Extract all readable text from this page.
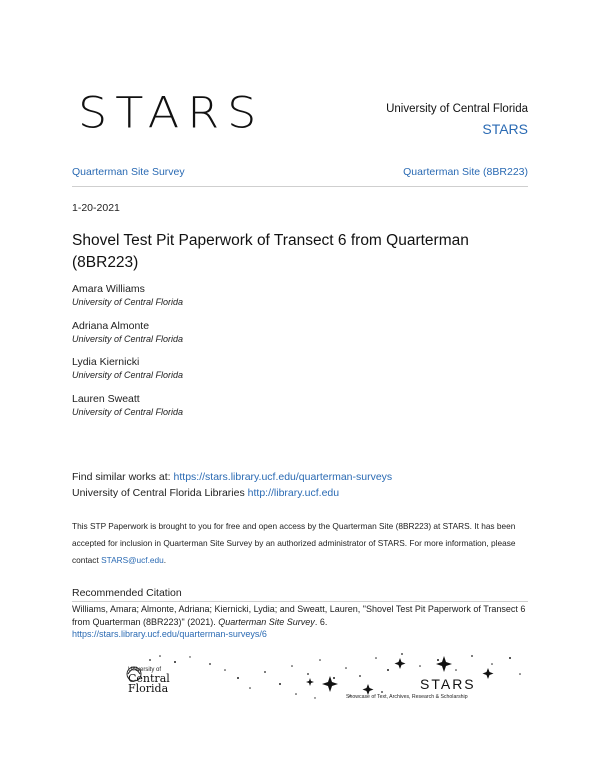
STARS	University of Central Florida
STARS
Quarterman Site Survey	Quarterman Site (8BR223)
1-20-2021
Shovel Test Pit Paperwork of Transect 6 from Quarterman (8BR223)
Amara Williams
University of Central Florida
Adriana Almonte
University of Central Florida
Lydia Kiernicki
University of Central Florida
Lauren Sweatt
University of Central Florida
Find similar works at: https://stars.library.ucf.edu/quarterman-surveys
University of Central Florida Libraries http://library.ucf.edu
This STP Paperwork is brought to you for free and open access by the Quarterman Site (8BR223) at STARS. It has been accepted for inclusion in Quarterman Site Survey by an authorized administrator of STARS. For more information, please contact STARS@ucf.edu.
Recommended Citation
Williams, Amara; Almonte, Adriana; Kiernicki, Lydia; and Sweatt, Lauren, "Shovel Test Pit Paperwork of Transect 6 from Quarterman (8BR223)" (2021). Quarterman Site Survey. 6.
https://stars.library.ucf.edu/quarterman-surveys/6
University of
Central
Florida	STARS
Showcase of Text, Archives, Research & Scholarship
